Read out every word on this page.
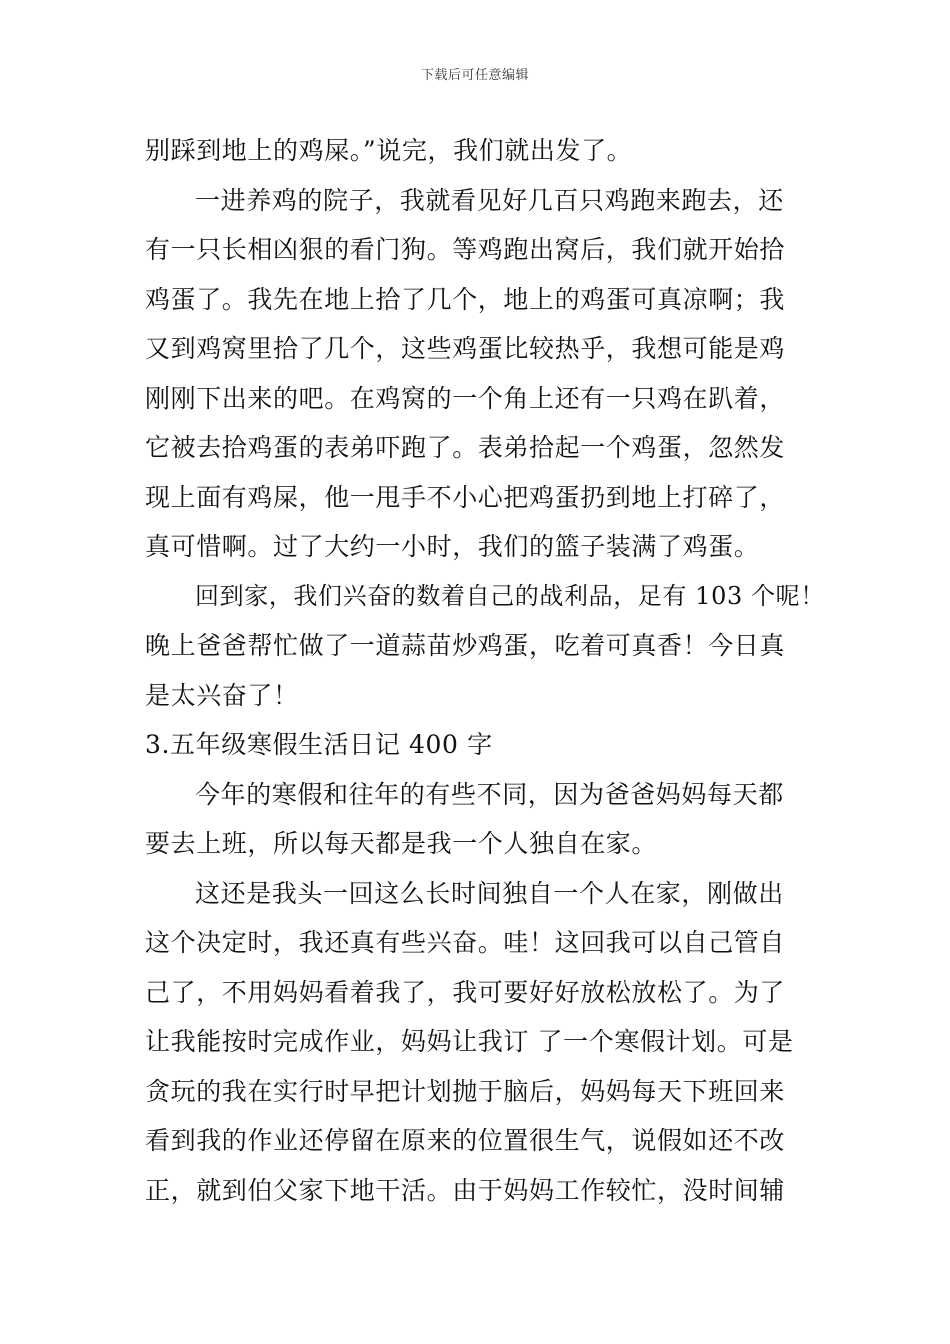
下载后可任意编辑
别踩到地上的鸡屎。”说完，我们就出发了。
一进养鸡的院子，我就看见好几百只鸡跑来跑去，还
有一只长相凶狠的看门狗。等鸡跑出窝后，我们就开始拾
鸡蛋了。我先在地上拾了几个，地上的鸡蛋可真凉啊；我
又到鸡窝里拾了几个，这些鸡蛋比较热乎，我想可能是鸡
刚刚下出来的吧。在鸡窝的一个角上还有一只鸡在趴着，
它被去拾鸡蛋的表弟吓跑了。表弟拾起一个鸡蛋，忽然发
现上面有鸡屎，他一甩手不小心把鸡蛋扔到地上打碎了，
真可惜啊。过了大约一小时，我们的篮子装满了鸡蛋。
回到家，我们兴奋的数着自己的战利品，足有 103 个呢！
晚上爸爸帮忙做了一道蒜苗炒鸡蛋，吃着可真香！今日真
是太兴奋了！
3.五年级寒假生活日记 400 字
今年的寒假和往年的有些不同，因为爸爸妈妈每天都
要去上班，所以每天都是我一个人独自在家。
这还是我头一回这么长时间独自一个人在家，刚做出
这个决定时，我还真有些兴奋。哇！这回我可以自己管自
己了，不用妈妈看着我了，我可要好好放松放松了。为了
让我能按时完成作业，妈妈让我订 了一个寒假计划。可是
贪玩的我在实行时早把计划抛于脑后，妈妈每天下班回来
看到我的作业还停留在原来的位置很生气，说假如还不改
正，就到伯父家下地干活。由于妈妈工作较忙，没时间辅
